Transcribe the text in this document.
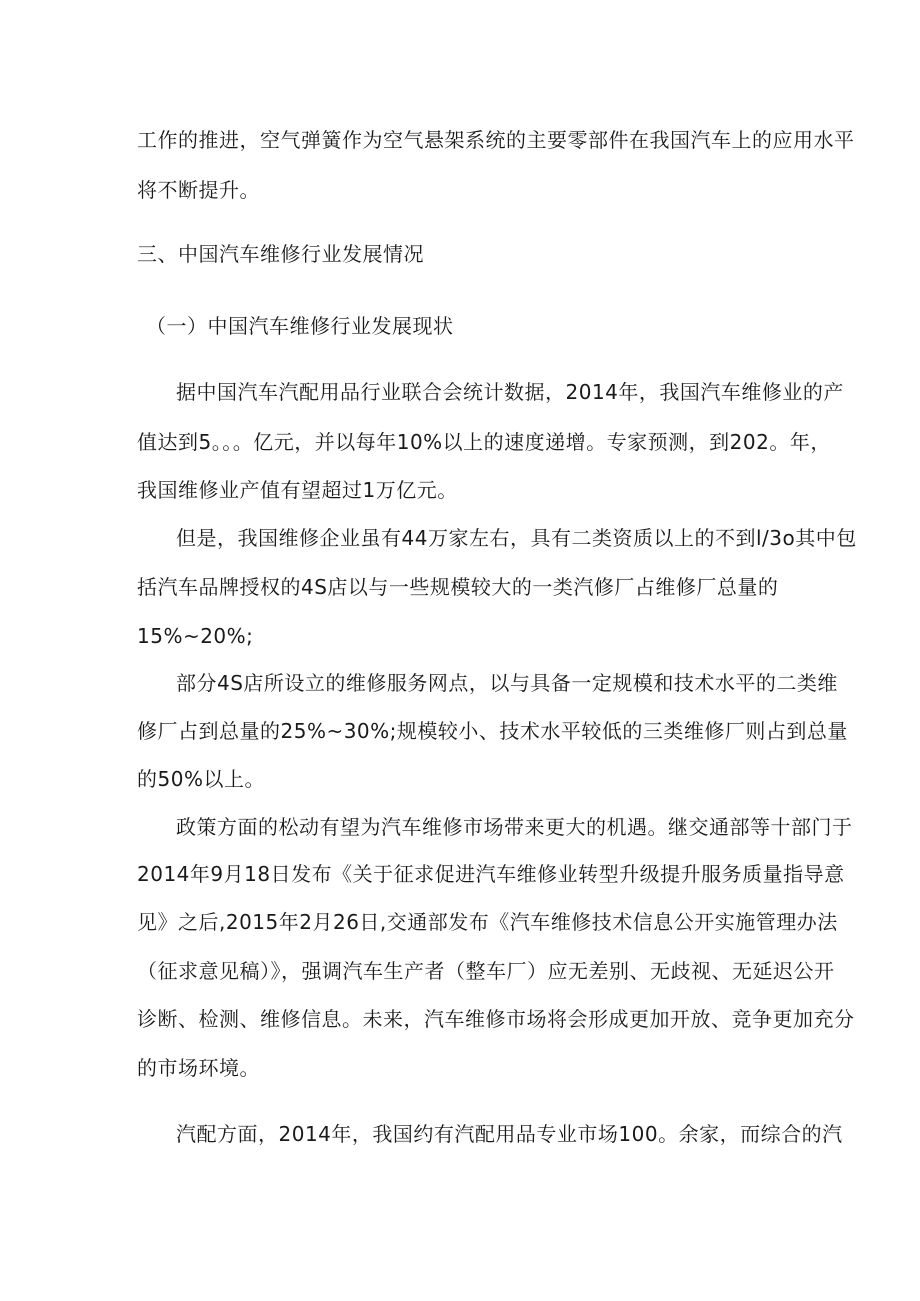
工作的推进，空气弹簧作为空气悬架系统的主要零部件在我国汽车上的应用水平

将不断提升。

三、中国汽车维修行业发展情况

（一）中国汽车维修行业发展现状

据中国汽车汽配用品行业联合会统计数据，2014年，我国汽车维修业的产

值达到5。。。亿元，并以每年10%以上的速度递增。专家预测，到202。年，

我国维修业产值有望超过1万亿元。

但是，我国维修企业虽有44万家左右，具有二类资质以上的不到l/3o其中包

括汽车品牌授权的4S店以与一些规模较大的一类汽修厂占维修厂总量的

15%~20%;

部分4S店所设立的维修服务网点，以与具备一定规模和技术水平的二类维

修厂占到总量的25%~30%;规模较小、技术水平较低的三类维修厂则占到总量

的50%以上。

政策方面的松动有望为汽车维修市场带来更大的机遇。继交通部等十部门于

2014年9月18日发布《关于征求促进汽车维修业转型升级提升服务质量指导意

见》之后,2015年2月26日,交通部发布《汽车维修技术信息公开实施管理办法

（征求意见稿）》，强调汽车生产者（整车厂）应无差别、无歧视、无延迟公开

诊断、检测、维修信息。未来，汽车维修市场将会形成更加开放、竞争更加充分

的市场环境。

汽配方面，2014年，我国约有汽配用品专业市场100。余家，而综合的汽
